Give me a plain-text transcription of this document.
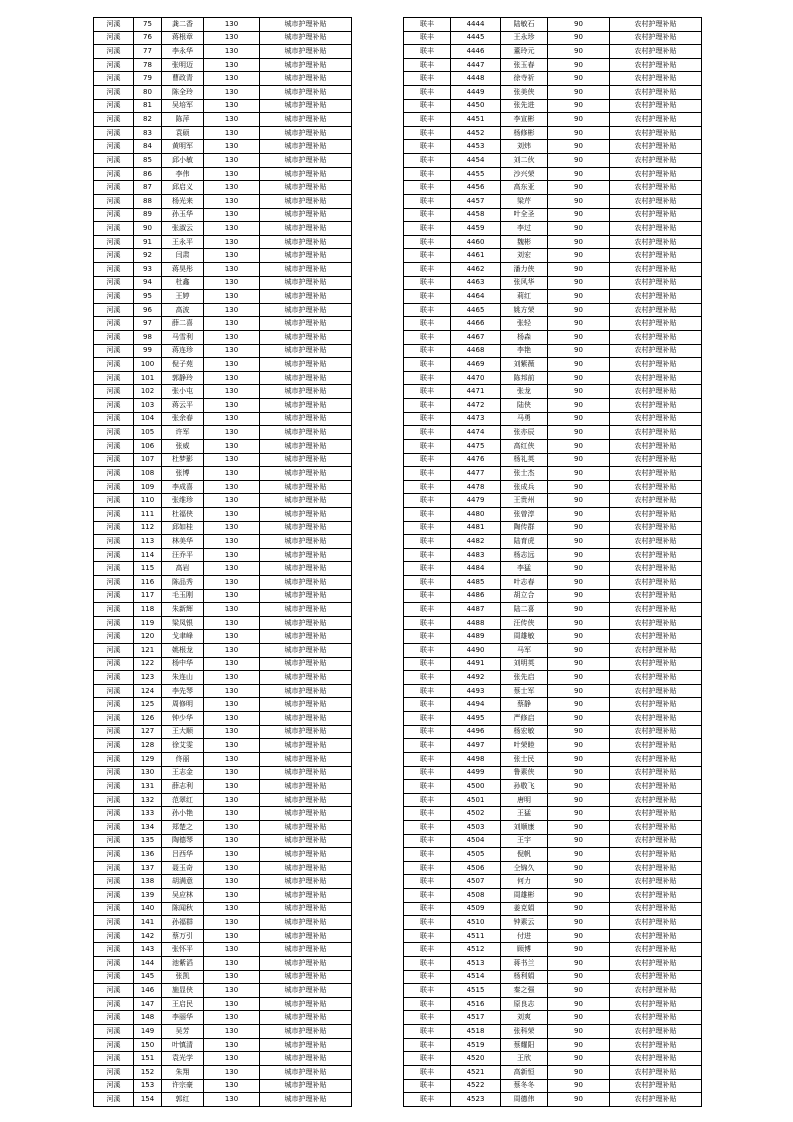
河溪	75	龚二香	130	城市护理补贴
河溪	76	蒋根章	130	城市护理补贴
河溪	77	李永华	130	城市护理补贴
河溪	78	张明迈	130	城市护理补贴
河溪	79	曹政青	130	城市护理补贴
河溪	80	陈全玲	130	城市护理补贴
河溪	81	吴培军	130	城市护理补贴
河溪	82	陈萍	130	城市护理补贴
河溪	83	袁硕	130	城市护理补贴
河溪	84	黄明军	130	城市护理补贴
河溪	85	邱小敏	130	城市护理补贴
河溪	86	李伟	130	城市护理补贴
河溪	87	邱启义	130	城市护理补贴
河溪	88	杨光来	130	城市护理补贴
河溪	89	孙玉华	130	城市护理补贴
河溪	90	张淑云	130	城市护理补贴
河溪	91	王永平	130	城市护理补贴
河溪	92	闫肃	130	城市护理补贴
河溪	93	蒋昊彤	130	城市护理补贴
河溪	94	杜鑫	130	城市护理补贴
河溪	95	王婷	130	城市护理补贴
河溪	96	高波	130	城市护理补贴
河溪	97	薛二喜	130	城市护理补贴
河溪	98	马雪利	130	城市护理补贴
河溪	99	蒋连珍	130	城市护理补贴
河溪	100	倪子苑	130	城市护理补贴
河溪	101	郭静玲	130	城市护理补贴
河溪	102	张小屯	130	城市护理补贴
河溪	103	蒋云平	130	城市护理补贴
河溪	104	张余春	130	城市护理补贴
河溪	105	许军	130	城市护理补贴
河溪	106	张威	130	城市护理补贴
河溪	107	杜梦影	130	城市护理补贴
河溪	108	张博	130	城市护理补贴
河溪	109	李成喜	130	城市护理补贴
河溪	110	张维珍	130	城市护理补贴
河溪	111	杜福侠	130	城市护理补贴
河溪	112	邱如桂	130	城市护理补贴
河溪	113	林美华	130	城市护理补贴
河溪	114	汪乔平	130	城市护理补贴
河溪	115	高岩	130	城市护理补贴
河溪	116	陈品秀	130	城市护理补贴
河溪	117	毛玉刚	130	城市护理补贴
河溪	118	朱新辉	130	城市护理补贴
河溪	119	梁凤银	130	城市护理补贴
河溪	120	戈聿峰	130	城市护理补贴
河溪	121	姚根龙	130	城市护理补贴
河溪	122	杨中华	130	城市护理补贴
河溪	123	朱连山	130	城市护理补贴
河溪	124	李先琴	130	城市护理补贴
河溪	125	周修明	130	城市护理补贴
河溪	126	钟少华	130	城市护理补贴
河溪	127	王大顺	130	城市护理补贴
河溪	128	徐艾雯	130	城市护理补贴
河溪	129	佟丽	130	城市护理补贴
河溪	130	王志金	130	城市护理补贴
河溪	131	薛志利	130	城市护理补贴
河溪	132	范翠红	130	城市护理补贴
河溪	133	孙小艳	130	城市护理补贴
河溪	134	郑楚之	130	城市护理补贴
河溪	135	陶德琴	130	城市护理补贴
河溪	136	吕西华	130	城市护理补贴
河溪	137	聂玉奇	130	城市护理补贴
河溪	138	胡满意	130	城市护理补贴
河溪	139	吴应林	130	城市护理补贴
河溪	140	陈闻秋	130	城市护理补贴
河溪	141	孙福群	130	城市护理补贴
河溪	142	蔡万引	130	城市护理补贴
河溪	143	张怀平	130	城市护理补贴
河溪	144	池紫滔	130	城市护理补贴
河溪	145	张凯	130	城市护理补贴
河溪	146	施显侠	130	城市护理补贴
河溪	147	王启民	130	城市护理补贴
河溪	148	李丽华	130	城市护理补贴
河溪	149	吴芳	130	城市护理补贴
河溪	150	叶慎清	130	城市护理补贴
河溪	151	袁光学	130	城市护理补贴
河溪	152	朱翔	130	城市护理补贴
河溪	153	许宗豪	130	城市护理补贴
河溪	154	郭红	130	城市护理补贴
联丰	4444	陆敏石	90	农村护理补贴
联丰	4445	王永珍	90	农村护理补贴
联丰	4446	董玲元	90	农村护理补贴
联丰	4447	张玉春	90	农村护理补贴
联丰	4448	徐寺祈	90	农村护理补贴
联丰	4449	张美侠	90	农村护理补贴
联丰	4450	张先进	90	农村护理补贴
联丰	4451	李宣彬	90	农村护理补贴
联丰	4452	杨修彬	90	农村护理补贴
联丰	4453	刘炜	90	农村护理补贴
联丰	4454	刘二伙	90	农村护理补贴
联丰	4455	沙兴荣	90	农村护理补贴
联丰	4456	高东亚	90	农村护理补贴
联丰	4457	梁芹	90	农村护理补贴
联丰	4458	叶全圣	90	农村护理补贴
联丰	4459	李过	90	农村护理补贴
联丰	4460	魏彬	90	农村护理补贴
联丰	4461	刘宏	90	农村护理补贴
联丰	4462	潘力侠	90	农村护理补贴
联丰	4463	张风华	90	农村护理补贴
联丰	4464	莉红	90	农村护理补贴
联丰	4465	姚方荣	90	农村护理补贴
联丰	4466	张轻	90	农村护理补贴
联丰	4467	杨森	90	农村护理补贴
联丰	4468	李艳	90	农村护理补贴
联丰	4469	刘紫薇	90	农村护理补贴
联丰	4470	陈邦前	90	农村护理补贴
联丰	4471	张龙	90	农村护理补贴
联丰	4472	陆侠	90	农村护理补贴
联丰	4473	马勇	90	农村护理补贴
联丰	4474	张亦辰	90	农村护理补贴
联丰	4475	高红侠	90	农村护理补贴
联丰	4476	杨礼英	90	农村护理补贴
联丰	4477	张士杰	90	农村护理补贴
联丰	4478	张成兵	90	农村护理补贴
联丰	4479	王贵州	90	农村护理补贴
联丰	4480	张曾淳	90	农村护理补贴
联丰	4481	陶传群	90	农村护理补贴
联丰	4482	陆育虎	90	农村护理补贴
联丰	4483	杨志远	90	农村护理补贴
联丰	4484	李猛	90	农村护理补贴
联丰	4485	叶志春	90	农村护理补贴
联丰	4486	胡立合	90	农村护理补贴
联丰	4487	陆二喜	90	农村护理补贴
联丰	4488	汪传侠	90	农村护理补贴
联丰	4489	周雄敏	90	农村护理补贴
联丰	4490	马军	90	农村护理补贴
联丰	4491	刘明英	90	农村护理补贴
联丰	4492	张先启	90	农村护理补贴
联丰	4493	蔡士军	90	农村护理补贴
联丰	4494	蔡静	90	农村护理补贴
联丰	4495	严修启	90	农村护理补贴
联丰	4496	杨宏敏	90	农村护理补贴
联丰	4497	叶荣睦	90	农村护理补贴
联丰	4498	张士民	90	农村护理补贴
联丰	4499	鲁素侠	90	农村护理补贴
联丰	4500	孙敬飞	90	农村护理补贴
联丰	4501	唐明	90	农村护理补贴
联丰	4502	王猛	90	农村护理补贴
联丰	4503	刘顺康	90	农村护理补贴
联丰	4504	王宇	90	农村护理补贴
联丰	4505	倪帆	90	农村护理补贴
联丰	4506	仝锦久	90	农村护理补贴
联丰	4507	何力	90	农村护理补贴
联丰	4508	周雄彬	90	农村护理补贴
联丰	4509	姜克娟	90	农村护理补贴
联丰	4510	钟素云	90	农村护理补贴
联丰	4511	付进	90	农村护理补贴
联丰	4512	顾博	90	农村护理补贴
联丰	4513	蒋书兰	90	农村护理补贴
联丰	4514	杨利娟	90	农村护理补贴
联丰	4515	秦之强	90	农村护理补贴
联丰	4516	原良志	90	农村护理补贴
联丰	4517	刘爽	90	农村护理补贴
联丰	4518	张科荣	90	农村护理补贴
联丰	4519	蔡耀阳	90	农村护理补贴
联丰	4520	王欣	90	农村护理补贴
联丰	4521	高新恒	90	农村护理补贴
联丰	4522	蔡冬冬	90	农村护理补贴
联丰	4523	周德伟	90	农村护理补贴
